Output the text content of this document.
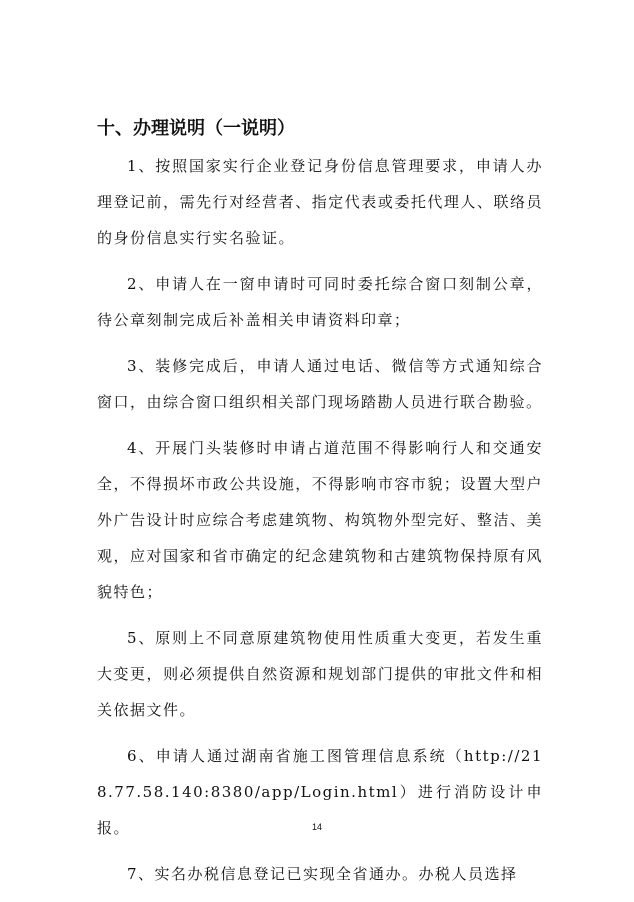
十、办理说明（一说明）

1、按照国家实行企业登记身份信息管理要求，申请人办理登记前，需先行对经营者、指定代表或委托代理人、联络员的身份信息实行实名验证。

2、申请人在一窗申请时可同时委托综合窗口刻制公章，待公章刻制完成后补盖相关申请资料印章；

3、装修完成后，申请人通过电话、微信等方式通知综合窗口，由综合窗口组织相关部门现场踏勘人员进行联合勘验。

4、开展门头装修时申请占道范围不得影响行人和交通安全，不得损坏市政公共设施，不得影响市容市貌；设置大型户外广告设计时应综合考虑建筑物、构筑物外型完好、整洁、美观，应对国家和省市确定的纪念建筑物和古建筑物保持原有风貌特色；

5、原则上不同意原建筑物使用性质重大变更，若发生重大变更，则必须提供自然资源和规划部门提供的审批文件和相关依据文件。

6、申请人通过湖南省施工图管理信息系统（http://218.77.58.140:8380/app/Login.html）进行消防设计申报。

7、实名办税信息登记已实现全省通办。办税人员选择

14
